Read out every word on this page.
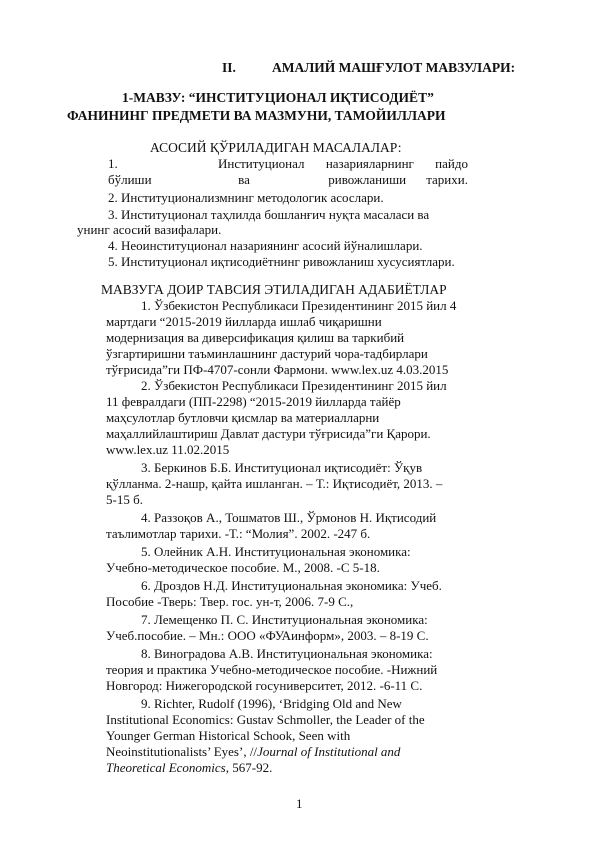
II.	АМАЛИЙ МАШҒУЛОТ МАВЗУЛАРИ:
1-МАВЗУ: “ИНСТИТУЦИОНАЛ ИҚТИСОДИЁТ”
ФАНИНИНГ ПРЕДМЕТИ ВА МАЗМУНИ, ТАМОЙИЛЛАРИ
АСОСИЙ ҚЎРИЛАДИГАН МАСАЛАЛАР:
1.	Институционал назарияларнинг пайдо
бўлиши	ва	ривожланиши тарихи.
2. Институционализмнинг методологик асослари.
3. Институционал таҳлилда бошланғич нуқта масаласи ва
унинг асосий вазифалари.
4. Неоинституционал назариянинг асосий йўналишлари.
5. Институционал иқтисодиётнинг ривожланиш хусусиятлари.
МАВЗУГА ДОИР ТАВСИЯ ЭТИЛАДИГАН АДАБИЁТЛАР
1. Ўзбекистон Республикаси Президентининг 2015 йил 4
мартдаги “2015-2019 йилларда ишлаб чиқаришни
модернизация ва диверсификация қилиш ва таркибий
ўзгартиришни таъминлашнинг дастурий чора-тадбирлари
тўғрисида”ги ПФ-4707-сонли Фармони. www.lex.uz 4.03.2015
2. Ўзбекистон Республикаси Президентининг 2015 йил
11 февралдаги (ПП-2298) “2015-2019 йилларда тайёр
маҳсулотлар бутловчи қисмлар ва материалларни
маҳаллийлаштириш Давлат дастури тўғрисида”ги Қарори.
www.lex.uz 11.02.2015
3. Беркинов Б.Б. Институционал иқтисодиёт: Ўқув
қўлланма. 2-нашр, қайта ишланган. – Т.: Иқтисодиёт, 2013. –
5-15 б.
4. Раззоқов А., Тошматов Ш., Ўрмонов Н. Иқтисодий
таълимотлар тарихи. -Т.: “Молия”. 2002. -247 б.
5. Олейник А.Н. Институциональная экономика:
Учебно-методическое пособие. М., 2008. -С 5-18.
6. Дроздов Н.Д. Институциональная экономика: Учеб.
Пособие -Тверь: Твер. гос. ун-т, 2006. 7-9 С.,
7. Лемещенко П. С. Институциональная экономика:
Учеб.пособие. – Мн.: ООО «ФУАинформ», 2003. – 8-19 С.
8. Виноградова А.В. Институциональная экономика:
теория и практика Учебно-методическое пособие. -Нижний
Новгород: Нижегородской госуниверситет, 2012. -6-11 С.
9. Richter, Rudolf (1996), ‘Bridging Old and New
Institutional Economics: Gustav Schmoller, the Leader of the
Younger German Historical Schook, Seen with
Neoinstitutionalists’ Eyes’, //Journal of Institutional and
Theoretical Economics, 567-92.
1
